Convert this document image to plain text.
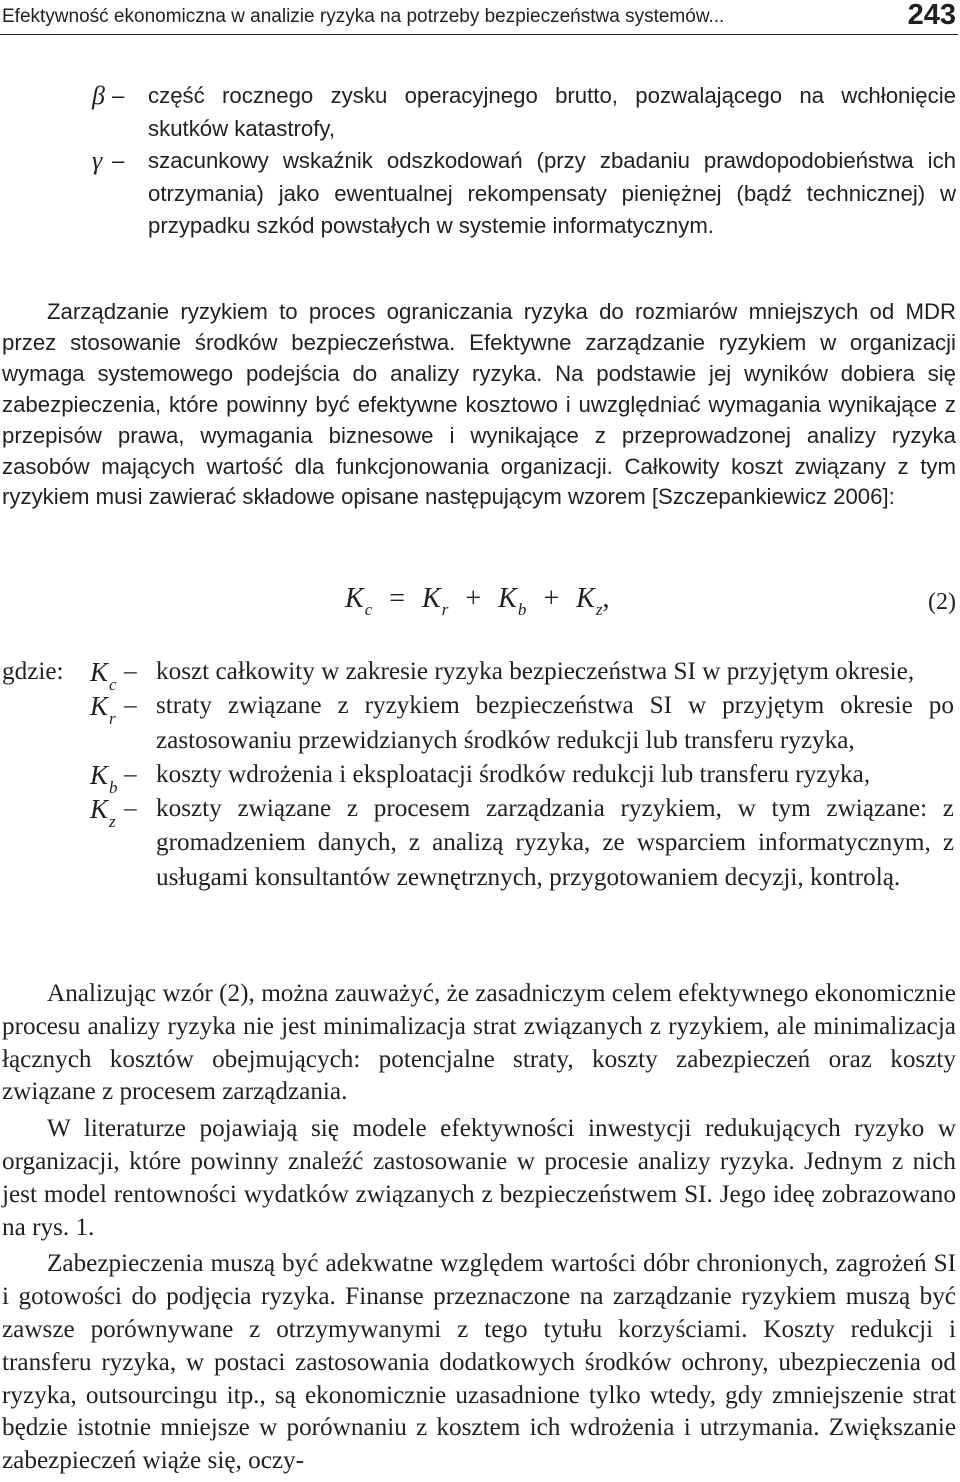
Efektywność ekonomiczna w analizie ryzyka na potrzeby bezpieczeństwa systemów...	243
β – część rocznego zysku operacyjnego brutto, pozwalającego na wchłonięcie skutków katastrofy,
γ – szacunkowy wskaźnik odszkodowań (przy zbadaniu prawdopodobieństwa ich otrzymania) jako ewentualnej rekompensaty pieniężnej (bądź technicznej) w przypadku szkód powstałych w systemie informatycznym.

Zarządzanie ryzykiem to proces ograniczania ryzyka do rozmiarów mniejszych od MDR przez stosowanie środków bezpieczeństwa. Efektywne zarządzanie ryzykiem w organizacji wymaga systemowego podejścia do analizy ryzyka. Na podstawie jej wyników dobiera się zabezpieczenia, które powinny być efektywne kosztowo i uwzględniać wymagania wynikające z przepisów prawa, wymagania biznesowe i wynikające z przeprowadzonej analizy ryzyka zasobów mających wartość dla funkcjonowania organizacji. Całkowity koszt związany z tym ryzykiem musi zawierać składowe opisane następującym wzorem [Szczepankiewicz 2006]:

$K_c = K_r + K_b + K_z$,	(2)
gdzie: $K_c$ – koszt całkowity w zakresie ryzyka bezpieczeństwa SI w przyjętym okresie,
$K_r$ – straty związane z ryzykiem bezpieczeństwa SI w przyjętym okresie po zastosowaniu przewidzianych środków redukcji lub transferu ryzyka,
$K_b$ – koszty wdrożenia i eksploatacji środków redukcji lub transferu ryzyka,
$K_z$ – koszty związane z procesem zarządzania ryzykiem, w tym związane: z gromadzeniem danych, z analizą ryzyka, ze wsparciem informatycznym, z usługami konsultantów zewnętrznych, przygotowaniem decyzji, kontrolą.

Analizując wzór (2), można zauważyć, że zasadniczym celem efektywnego ekonomicznie procesu analizy ryzyka nie jest minimalizacja strat związanych z ryzykiem, ale minimalizacja łącznych kosztów obejmujących: potencjalne straty, koszty zabezpieczeń oraz koszty związane z procesem zarządzania.

W literaturze pojawiają się modele efektywności inwestycji redukujących ryzyko w organizacji, które powinny znaleźć zastosowanie w procesie analizy ryzyka. Jednym z nich jest model rentowności wydatków związanych z bezpieczeństwem SI. Jego ideę zobrazowano na rys. 1.

Zabezpieczenia muszą być adekwatne względem wartości dóbr chronionych, zagrożeń SI i gotowości do podjęcia ryzyka. Finanse przeznaczone na zarządzanie ryzykiem muszą być zawsze porównywane z otrzymywanymi z tego tytułu korzyściami. Koszty redukcji i transferu ryzyka, w postaci zastosowania dodatkowych środków ochrony, ubezpieczenia od ryzyka, outsourcingu itp., są ekonomicznie uzasadnione tylko wtedy, gdy zmniejszenie strat będzie istotnie mniejsze w porównaniu z kosztem ich wdrożenia i utrzymania. Zwiększanie zabezpieczeń wiąże się, oczy-
